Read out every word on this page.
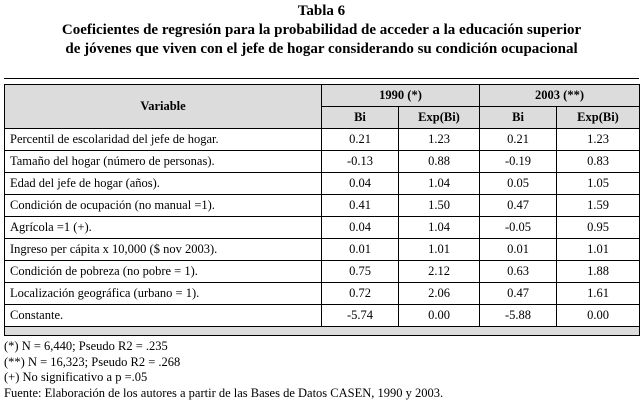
Tabla 6
Coeficientes de regresión para la probabilidad de acceder a la educación superior
de jóvenes que viven con el jefe de hogar considerando su condición ocupacional
Variable	1990 (*)		2003 (**)	
	Bi	Exp(Bi)	Bi	Exp(Bi)
Percentil de escolaridad del jefe de hogar.	0.21	1.23	0.21	1.23
Tamaño del hogar (número de personas).	-0.13	0.88	-0.19	0.83
Edad del jefe de hogar (años).	0.04	1.04	0.05	1.05
Condición de ocupación (no manual =1).	0.41	1.50	0.47	1.59
Agrícola =1 (+).	0.04	1.04	-0.05	0.95
Ingreso per cápita x 10,000 ($ nov 2003).	0.01	1.01	0.01	1.01
Condición de pobreza (no pobre = 1).	0.75	2.12	0.63	1.88
Localización geográfica (urbano = 1).	0.72	2.06	0.47	1.61
Constante.	-5.74	0.00	-5.88	0.00

(*) N = 6,440; Pseudo R2 = .235
(**) N = 16,323; Pseudo R2 = .268
(+) No significativo a p =.05
Fuente: Elaboración de los autores a partir de las Bases de Datos CASEN, 1990 y 2003.
